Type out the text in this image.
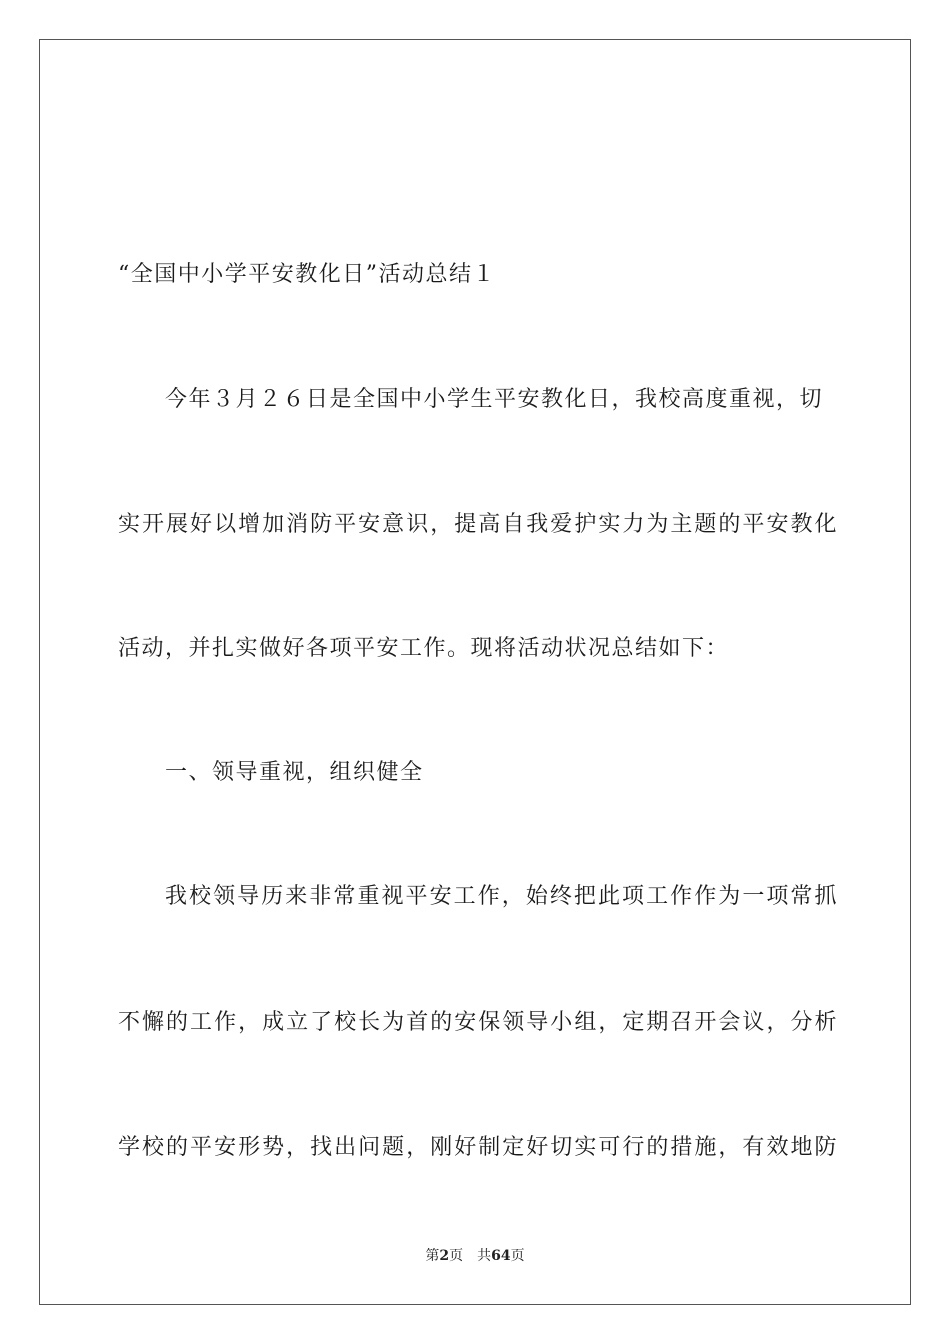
“全国中小学平安教化日”活动总结１
今年３月２６日是全国中小学生平安教化日，我校高度重视，切
实开展好以增加消防平安意识，提高自我爱护实力为主题的平安教化
活动，并扎实做好各项平安工作。现将活动状况总结如下：
一、领导重视，组织健全
我校领导历来非常重视平安工作，始终把此项工作作为一项常抓
不懈的工作，成立了校长为首的安保领导小组，定期召开会议，分析
学校的平安形势，找出问题，刚好制定好切实可行的措施，有效地防
第2页 共64页
